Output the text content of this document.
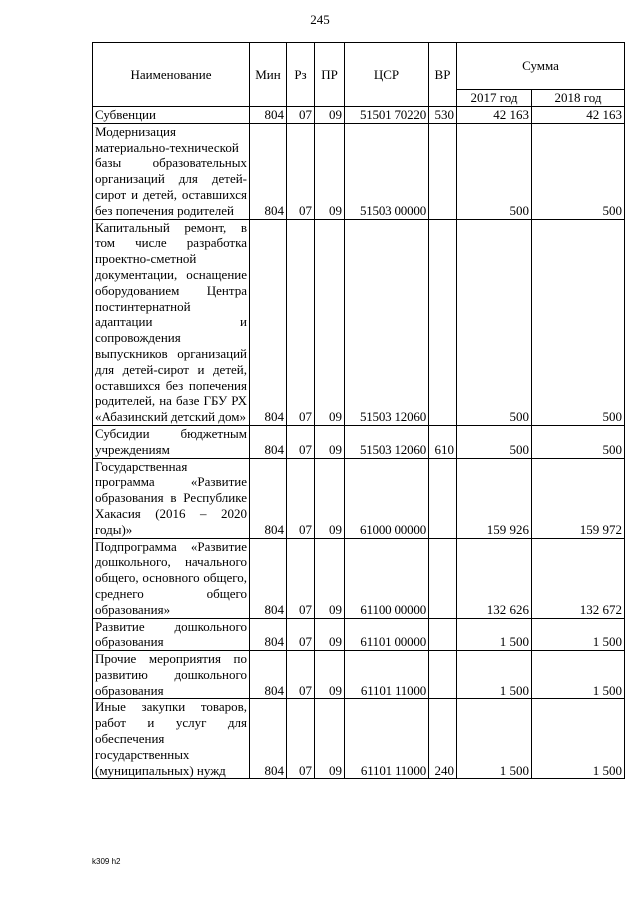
245
Наименование	Мин	Рз	ПР	ЦСР	ВР	Сумма	
						2017 год	2018 год
Субвенции	804	07	09	51501 70220	530	42 163	42 163
Модернизация материально-технической базы образовательных организаций для детей-сирот и детей, оставшихся без попечения родителей	804	07	09	51503 00000		500	500
Капитальный ремонт, в том числе разработка проектно-сметной документации, оснащение оборудованием Центра постинтернатной адаптации и сопровождения выпускников организаций для детей-сирот и детей, оставшихся без попечения родителей, на базе ГБУ РХ «Абазинский детский дом»	804	07	09	51503 12060		500	500
Субсидии бюджетным учреждениям	804	07	09	51503 12060	610	500	500
Государственная программа «Развитие образования в Республике Хакасия (2016 – 2020 годы)»	804	07	09	61000 00000		159 926	159 972
Подпрограмма «Развитие дошкольного, начального общего, основного общего, среднего общего образования»	804	07	09	61100 00000		132 626	132 672
Развитие дошкольного образования	804	07	09	61101 00000		1 500	1 500
Прочие мероприятия по развитию дошкольного образования	804	07	09	61101 11000		1 500	1 500
Иные закупки товаров, работ и услуг для обеспечения государственных (муниципальных) нужд	804	07	09	61101 11000	240	1 500	1 500
k309 h2
